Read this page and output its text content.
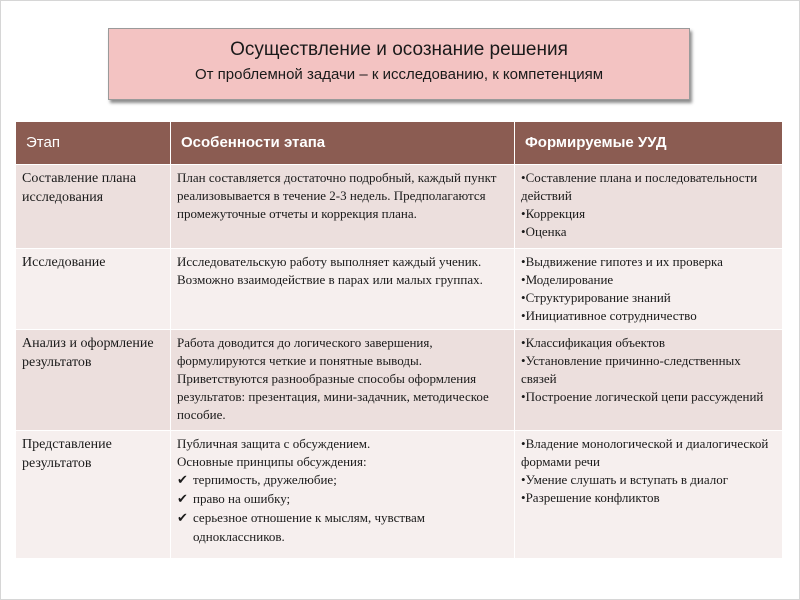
Осуществление и осознание решения
От проблемной задачи – к исследованию, к компетенциям
Этап	Особенности этапа	Формируемые УУД
Составление плана исследования	План составляется достаточно подробный, каждый пункт реализовывается в течение 2-3 недель. Предполагаются промежуточные отчеты и коррекция плана.	• Составление плана и последовательности действий
• Коррекция
• Оценка

Исследование	Исследовательскую работу выполняет каждый ученик. Возможно взаимодействие в парах или малых группах.	• Выдвижение гипотез и их проверка
• Моделирование
• Структурирование знаний
• Инициативное сотрудничество

Анализ и оформление результатов	Работа доводится до логического завершения, формулируются четкие и понятные выводы. Приветствуются разнообразные способы оформления результатов: презентация, мини-задачник, методическое пособие.	• Классификация объектов
• Установление причинно-следственных связей
• Построение логической цепи рассуждений

Представление результатов	Публичная защита с обсуждением.
Основные принципы обсуждения:
✔ терпимость, дружелюбие;
✔ право на ошибку;
✔ серьезное отношение к мыслям, чувствам одноклассников.	• Владение монологической и диалогической формами речи
• Умение слушать и вступать в диалог
• Разрешение конфликтов
